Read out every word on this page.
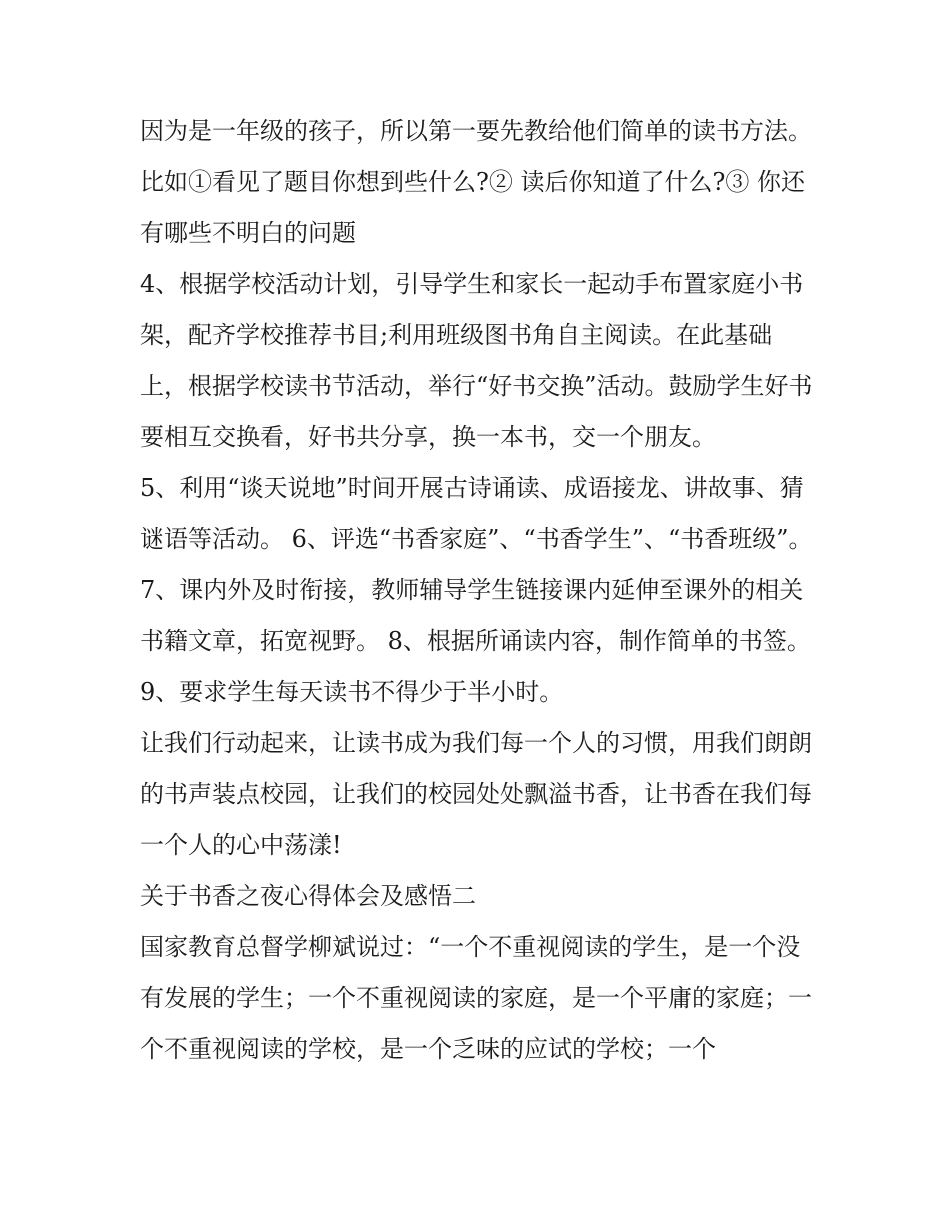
因为是一年级的孩子，所以第一要先教给他们简单的读书方法。比如①看见了题目你想到些什么?② 读后你知道了什么?③ 你还有哪些不明白的问题

4、根据学校活动计划，引导学生和家长一起动手布置家庭小书架，配齐学校推荐书目;利用班级图书角自主阅读。在此基础上，根据学校读书节活动，举行“好书交换”活动。鼓励学生好书要相互交换看，好书共分享，换一本书，交一个朋友。

5、利用“谈天说地”时间开展古诗诵读、成语接龙、讲故事、猜谜语等活动。 6、评选“书香家庭”、“书香学生”、“书香班级”。

7、课内外及时衔接，教师辅导学生链接课内延伸至课外的相关书籍文章，拓宽视野。 8、根据所诵读内容，制作简单的书签。 9、要求学生每天读书不得少于半小时。

让我们行动起来，让读书成为我们每一个人的习惯，用我们朗朗的书声装点校园，让我们的校园处处飘溢书香，让书香在我们每一个人的心中荡漾!

关于书香之夜心得体会及感悟二

国家教育总督学柳斌说过：“一个不重视阅读的学生，是一个没有发展的学生；一个不重视阅读的家庭，是一个平庸的家庭；一个不重视阅读的学校，是一个乏味的应试的学校；一个
